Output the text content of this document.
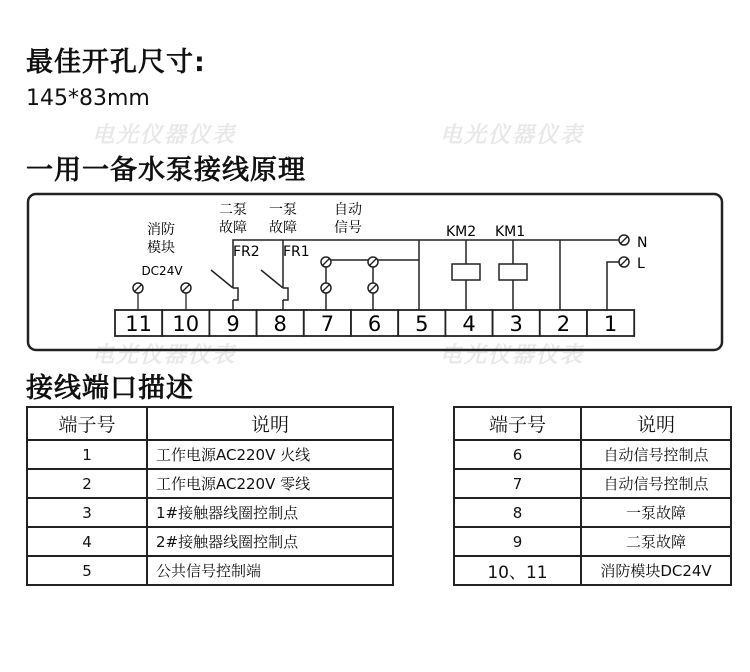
电光仪器仪表	电光仪器仪表
电光仪器仪表	电光仪器仪表
最佳开孔尺寸:
145*83mm
一用一备水泵接线原理
消防
模块
DC24V
二泵
故障
一泵
故障
自动
信号
FR2 FR1
KM2 KM1
N
L
11 10 9 8 7 6 5 4 3 2 1
接线端口描述
端子号	说明
1	工作电源AC220V 火线
2	工作电源AC220V 零线
3	1#接触器线圈控制点
4	2#接触器线圈控制点
5	公共信号控制端
端子号	说明
6	自动信号控制点
7	自动信号控制点
8	一泵故障
9	二泵故障
10、11	消防模块DC24V
